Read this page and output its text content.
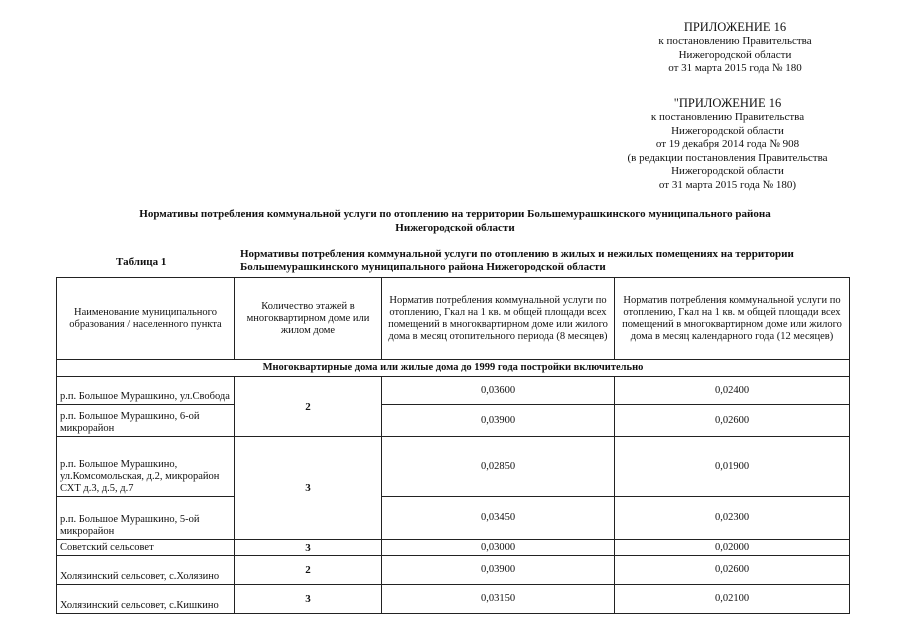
ПРИЛОЖЕНИЕ 16
к постановлению Правительства
Нижегородской области
от 31 марта 2015 года № 180
"ПРИЛОЖЕНИЕ 16
к постановлению Правительства
Нижегородской области
от 19 декабря 2014 года № 908
(в редакции постановления Правительства
Нижегородской области
от 31 марта 2015 года № 180)
Нормативы потребления коммунальной услуги по отоплению на территории Большемурашкинского муниципального района
Нижегородской области
Таблица 1
Нормативы потребления коммунальной услуги по отоплению в жилых и нежилых помещениях на территории Большемурашкинского муниципального района Нижегородской области
Наименование муниципального образования / населенного пункта	Количество этажей в многоквартирном доме или жилом доме	Норматив потребления коммунальной услуги по отоплению, Гкал на 1 кв. м общей площади всех помещений в многоквартирном доме или жилого дома в месяц отопительного периода (8 месяцев)	Норматив потребления коммунальной услуги по отоплению, Гкал на 1 кв. м общей площади всех помещений в многоквартирном доме или жилого дома в месяц календарного года (12 месяцев)
Многоквартирные дома или жилые дома до 1999 года постройки включительно			
р.п. Большое Мурашкино, ул.Свобода	2	0,03600	0,02400
р.п. Большое Мурашкино, 6-ой микрорайон		0,03900	0,02600
р.п. Большое Мурашкино, ул.Комсомольская, д.2, микрорайон СХТ д.3, д.5, д.7	3	0,02850	0,01900
р.п. Большое Мурашкино, 5-ой микрорайон		0,03450	0,02300
Советский сельсовет	3	0,03000	0,02000
Холязинский сельсовет, с.Холязино	2	0,03900	0,02600
Холязинский сельсовет, с.Кишкино	3	0,03150	0,02100
